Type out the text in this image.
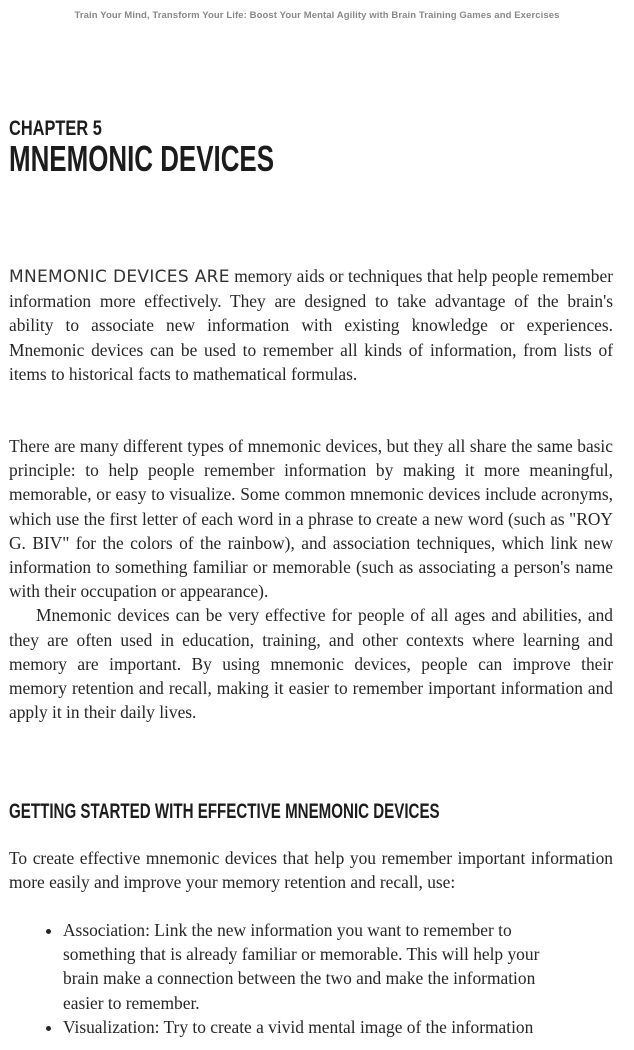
Train Your Mind, Transform Your Life: Boost Your Mental Agility with Brain Training Games and Exercises
CHAPTER 5
MNEMONIC DEVICES

MNEMONIC DEVICES ARE memory aids or techniques that help people remember information more effectively. They are designed to take advantage of the brain's ability to associate new information with existing knowledge or experiences. Mnemonic devices can be used to remember all kinds of information, from lists of items to historical facts to mathematical formulas.

There are many different types of mnemonic devices, but they all share the same basic principle: to help people remember information by making it more meaningful, memorable, or easy to visualize. Some common mnemonic devices include acronyms, which use the first letter of each word in a phrase to create a new word (such as "ROY G. BIV" for the colors of the rainbow), and association techniques, which link new information to something familiar or memorable (such as associating a person's name with their occupation or appearance).

Mnemonic devices can be very effective for people of all ages and abilities, and they are often used in education, training, and other contexts where learning and memory are important. By using mnemonic devices, people can improve their memory retention and recall, making it easier to remember important information and apply it in their daily lives.

GETTING STARTED WITH EFFECTIVE MNEMONIC DEVICES

To create effective mnemonic devices that help you remember important information more easily and improve your memory retention and recall, use:

• Association: Link the new information you want to remember to something that is already familiar or memorable. This will help your brain make a connection between the two and make the information easier to remember.
• Visualization: Try to create a vivid mental image of the information
